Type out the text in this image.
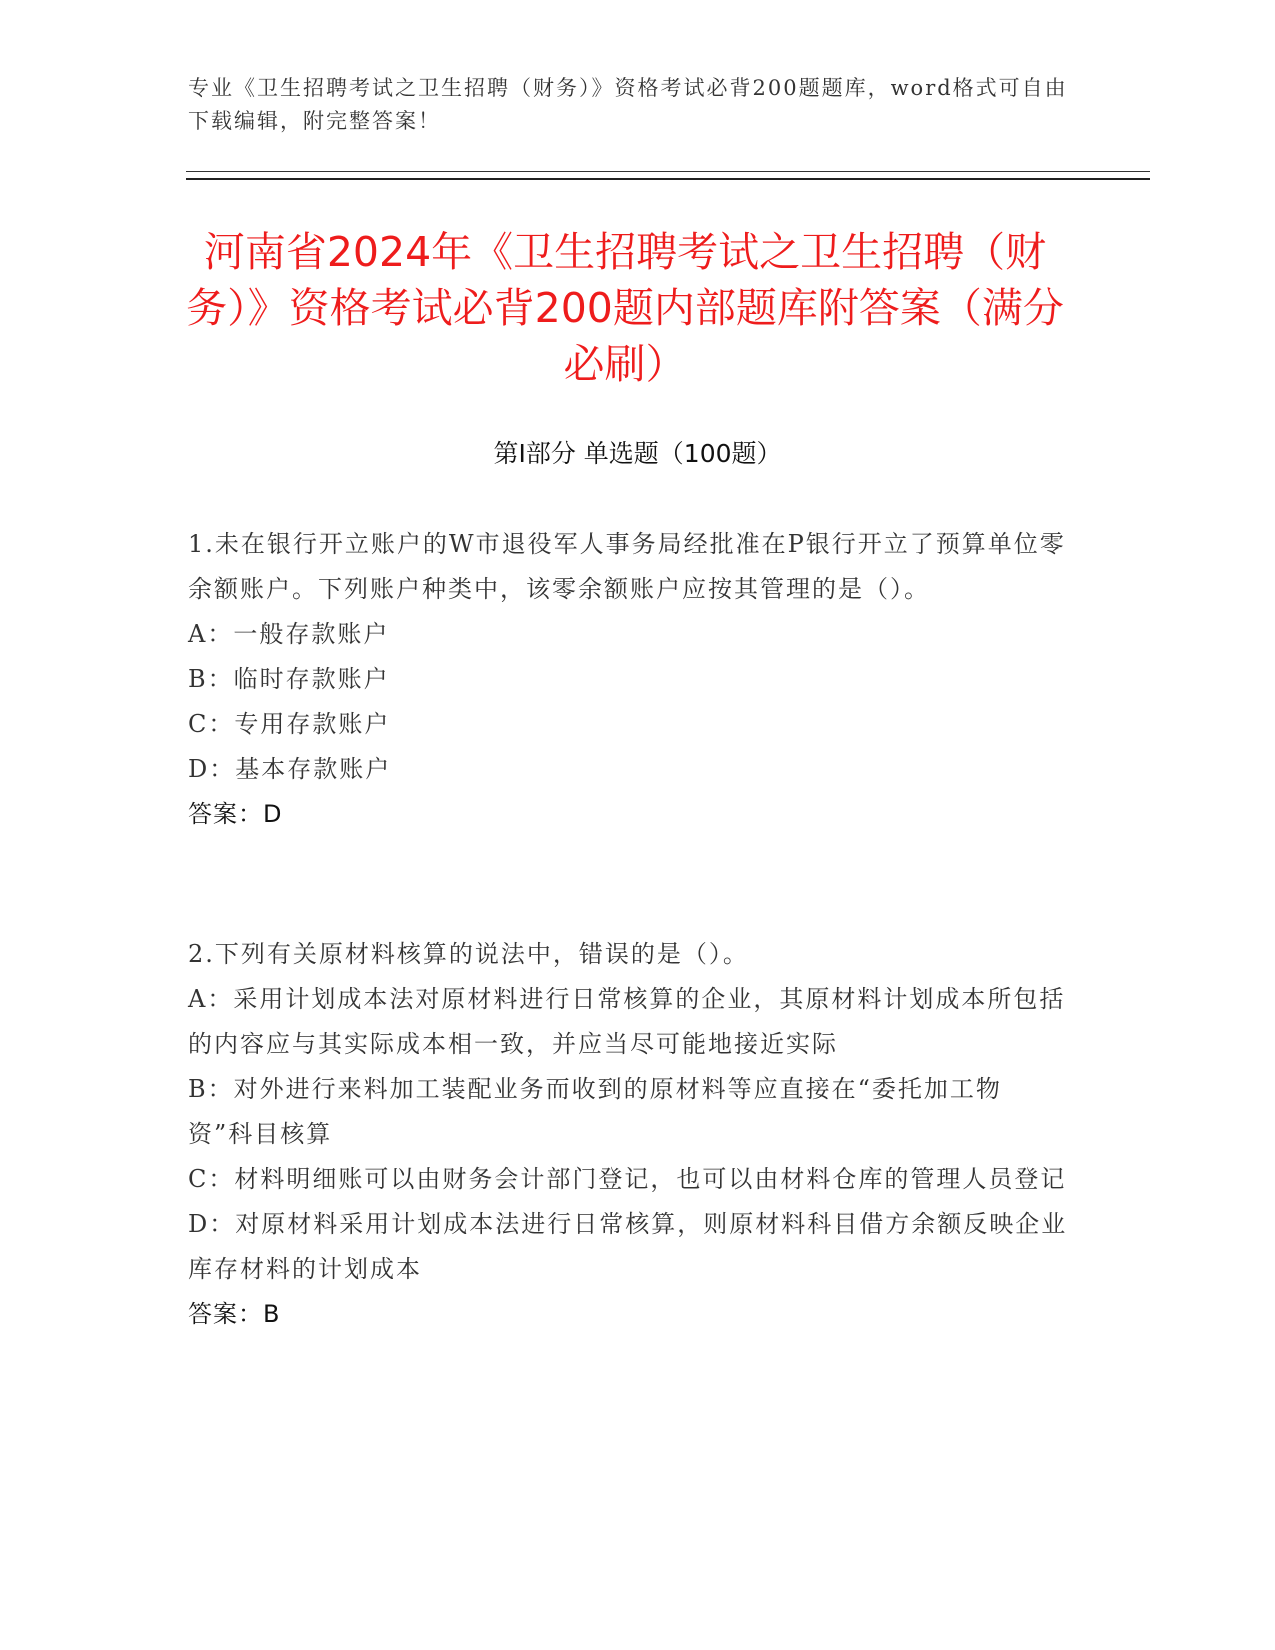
专业《卫生招聘考试之卫生招聘（财务）》资格考试必背200题题库，word格式可自由下载编辑，附完整答案！
河南省2024年《卫生招聘考试之卫生招聘（财务）》资格考试必背200题内部题库附答案（满分必刷）
第Ⅰ部分 单选题（100题）
1.未在银行开立账户的W市退役军人事务局经批准在P银行开立了预算单位零余额账户。下列账户种类中，该零余额账户应按其管理的是（）。
A：一般存款账户
B：临时存款账户
C：专用存款账户
D：基本存款账户
答案：D
2.下列有关原材料核算的说法中，错误的是（）。
A：采用计划成本法对原材料进行日常核算的企业，其原材料计划成本所包括的内容应与其实际成本相一致，并应当尽可能地接近实际
B：对外进行来料加工装配业务而收到的原材料等应直接在“委托加工物资”科目核算
C：材料明细账可以由财务会计部门登记，也可以由材料仓库的管理人员登记
D：对原材料采用计划成本法进行日常核算，则原材料科目借方余额反映企业库存材料的计划成本
答案：B
